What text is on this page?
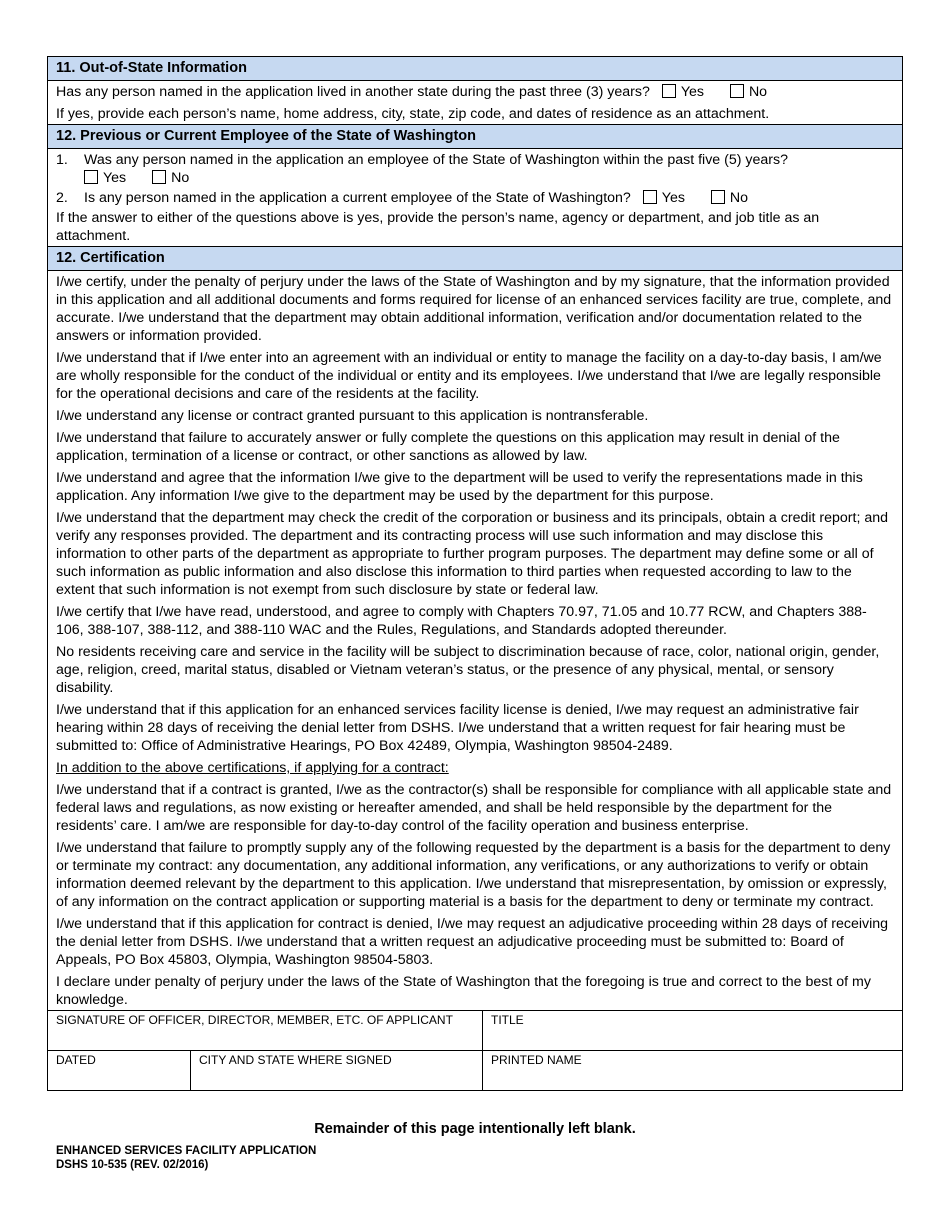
11. Out-of-State Information

Has any person named in the application lived in another state during the past three (3) years? Yes	No

If yes, provide each person’s name, home address, city, state, zip code, and dates of residence as an attachment.

12. Previous or Current Employee of the State of Washington

1. Was any person named in the application an employee of the State of Washington within the past five (5) years?
Yes	No

2. Is any person named in the application a current employee of the State of Washington? Yes	No

If the answer to either of the questions above is yes, provide the person’s name, agency or department, and job title as an attachment.

12. Certification

I/we certify, under the penalty of perjury under the laws of the State of Washington and by my signature, that the information provided in this application and all additional documents and forms required for license of an enhanced services facility are true, complete, and accurate. I/we understand that the department may obtain additional information, verification and/or documentation related to the answers or information provided.

I/we understand that if I/we enter into an agreement with an individual or entity to manage the facility on a day-to-day basis, I am/we are wholly responsible for the conduct of the individual or entity and its employees. I/we understand that I/we are legally responsible for the operational decisions and care of the residents at the facility.

I/we understand any license or contract granted pursuant to this application is nontransferable.

I/we understand that failure to accurately answer or fully complete the questions on this application may result in denial of the application, termination of a license or contract, or other sanctions as allowed by law.

I/we understand and agree that the information I/we give to the department will be used to verify the representations made in this application. Any information I/we give to the department may be used by the department for this purpose.

I/we understand that the department may check the credit of the corporation or business and its principals, obtain a credit report; and verify any responses provided. The department and its contracting process will use such information and may disclose this information to other parts of the department as appropriate to further program purposes. The department may define some or all of such information as public information and also disclose this information to third parties when requested according to law to the extent that such information is not exempt from such disclosure by state or federal law.

I/we certify that I/we have read, understood, and agree to comply with Chapters 70.97, 71.05 and 10.77 RCW, and Chapters 388-106, 388-107, 388-112, and 388-110 WAC and the Rules, Regulations, and Standards adopted thereunder.

No residents receiving care and service in the facility will be subject to discrimination because of race, color, national origin, gender, age, religion, creed, marital status, disabled or Vietnam veteran’s status, or the presence of any physical, mental, or sensory disability.

I/we understand that if this application for an enhanced services facility license is denied, I/we may request an administrative fair hearing within 28 days of receiving the denial letter from DSHS. I/we understand that a written request for fair hearing must be submitted to: Office of Administrative Hearings, PO Box 42489, Olympia, Washington 98504-2489.

In addition to the above certifications, if applying for a contract:

I/we understand that if a contract is granted, I/we as the contractor(s) shall be responsible for compliance with all applicable state and federal laws and regulations, as now existing or hereafter amended, and shall be held responsible by the department for the residents’ care. I am/we are responsible for day-to-day control of the facility operation and business enterprise.

I/we understand that failure to promptly supply any of the following requested by the department is a basis for the department to deny or terminate my contract: any documentation, any additional information, any verifications, or any authorizations to verify or obtain information deemed relevant by the department to this application. I/we understand that misrepresentation, by omission or expressly, of any information on the contract application or supporting material is a basis for the department to deny or terminate my contract.

I/we understand that if this application for contract is denied, I/we may request an adjudicative proceeding within 28 days of receiving the denial letter from DSHS. I/we understand that a written request an adjudicative proceeding must be submitted to: Board of Appeals, PO Box 45803, Olympia, Washington 98504-5803.

I declare under penalty of perjury under the laws of the State of Washington that the foregoing is true and correct to the best of my knowledge.

SIGNATURE OF OFFICER, DIRECTOR, MEMBER, ETC. OF APPLICANT	TITLE
DATED	CITY AND STATE WHERE SIGNED	PRINTED NAME
Remainder of this page intentionally left blank.
ENHANCED SERVICES FACILITY APPLICATION
DSHS 10-535 (REV. 02/2016)
